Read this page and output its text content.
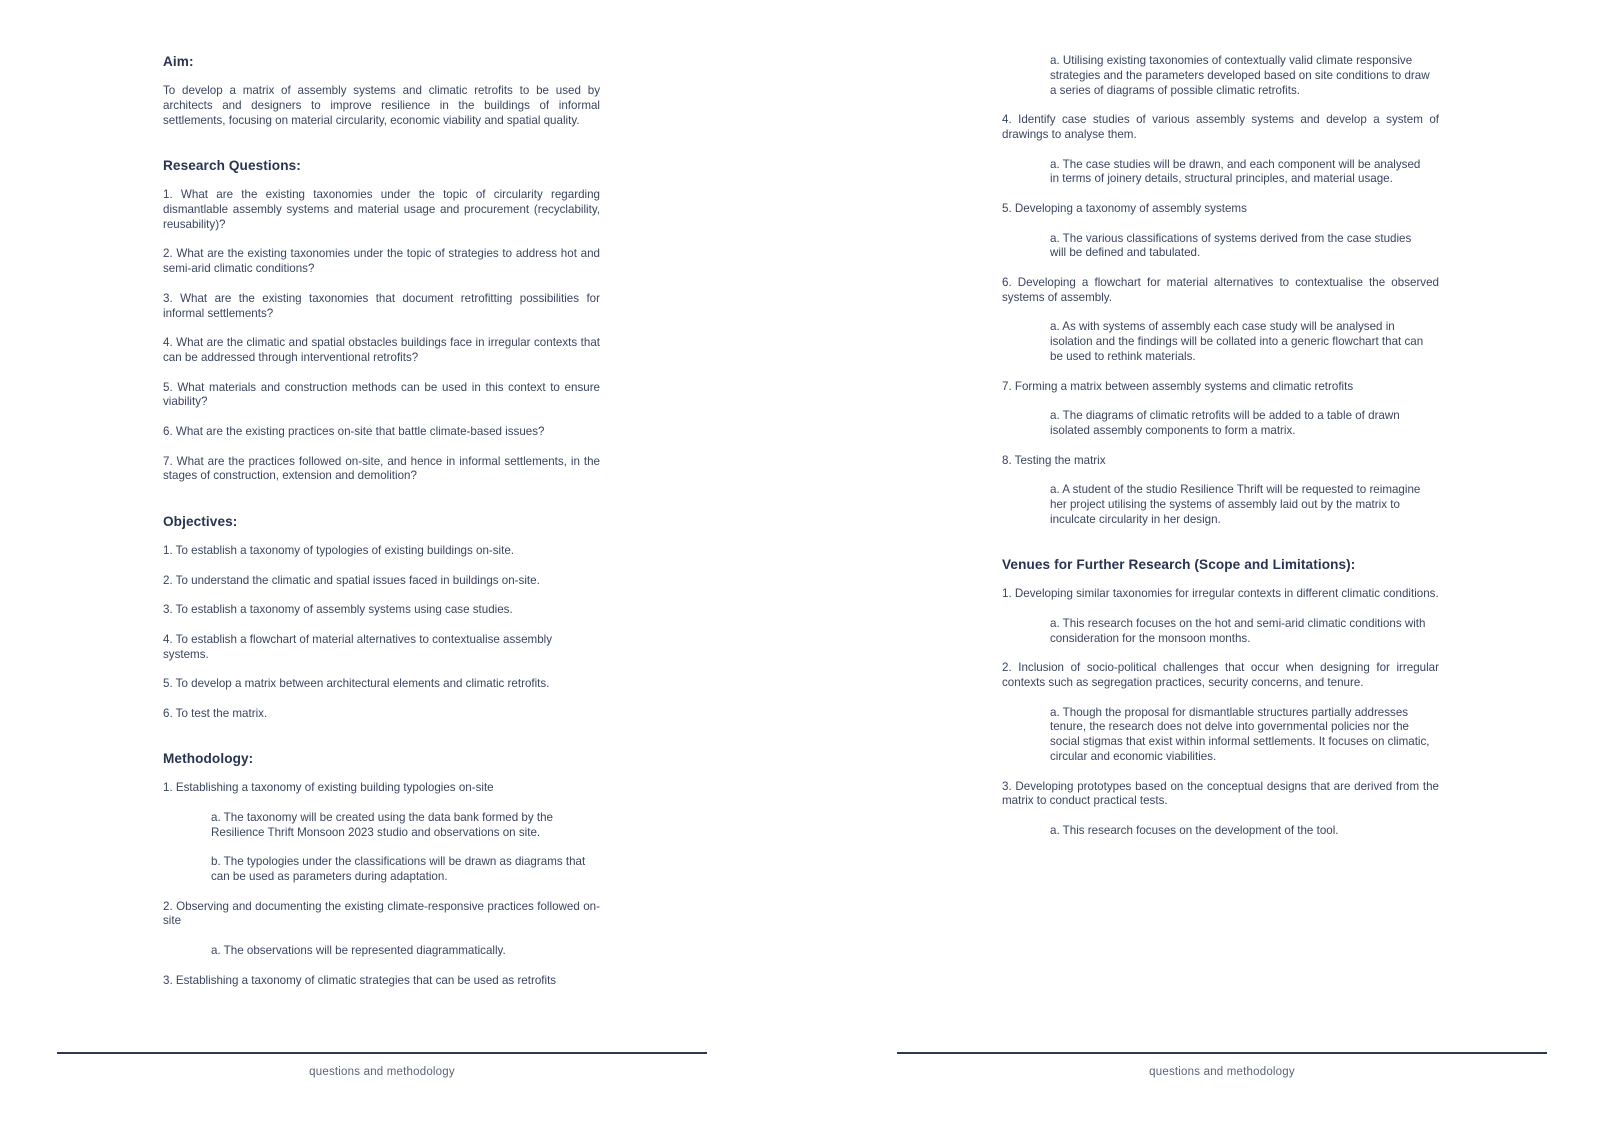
Aim:
To develop a matrix of assembly systems and climatic retrofits to be used by architects and designers to improve resilience in the buildings of informal settlements, focusing on material circularity, economic viability and spatial quality.
Research Questions:
1. What are the existing taxonomies under the topic of circularity regarding dismantlable assembly systems and material usage and procurement (recyclability, reusability)?
2. What are the existing taxonomies under the topic of strategies to address hot and semi-arid climatic conditions?
3. What are the existing taxonomies that document retrofitting possibilities for informal settlements?
4. What are the climatic and spatial obstacles buildings face in irregular contexts that can be addressed through interventional retrofits?
5. What materials and construction methods can be used in this context to ensure viability?
6. What are the existing practices on-site that battle climate-based issues?
7. What are the practices followed on-site, and hence in informal settlements, in the stages of construction, extension and demolition?
Objectives:
1. To establish a taxonomy of typologies of existing buildings on-site.
2. To understand the climatic and spatial issues faced in buildings on-site.
3. To establish a taxonomy of assembly systems using case studies.
4. To establish a flowchart of material alternatives to contextualise assembly systems.
5. To develop a matrix between architectural elements and climatic retrofits.
6. To test the matrix.
Methodology:
1. Establishing a taxonomy of existing building typologies on-site
a. The taxonomy will be created using the data bank formed by the Resilience Thrift Monsoon 2023 studio and observations on site.
b. The typologies under the classifications will be drawn as diagrams that can be used as parameters during adaptation.
2. Observing and documenting the existing climate-responsive practices followed on-site
a. The observations will be represented diagrammatically.
3. Establishing a taxonomy of climatic strategies that can be used as retrofits
questions and methodology
a. Utilising existing taxonomies of contextually valid climate responsive strategies and the parameters developed based on site conditions to draw a series of diagrams of possible climatic retrofits.
4. Identify case studies of various assembly systems and develop a system of drawings to analyse them.
a. The case studies will be drawn, and each component will be analysed in terms of joinery details, structural principles, and material usage.
5. Developing a taxonomy of assembly systems
a. The various classifications of systems derived from the case studies will be defined and tabulated.
6. Developing a flowchart for material alternatives to contextualise the observed systems of assembly.
a. As with systems of assembly each case study will be analysed in isolation and the findings will be collated into a generic flowchart that can be used to rethink materials.
7. Forming a matrix between assembly systems and climatic retrofits
a. The diagrams of climatic retrofits will be added to a table of drawn isolated assembly components to form a matrix.
8. Testing the matrix
a. A student of the studio Resilience Thrift will be requested to reimagine her project utilising the systems of assembly laid out by the matrix to inculcate circularity in her design.
Venues for Further Research (Scope and Limitations):
1. Developing similar taxonomies for irregular contexts in different climatic conditions.
a. This research focuses on the hot and semi-arid climatic conditions with consideration for the monsoon months.
2. Inclusion of socio-political challenges that occur when designing for irregular contexts such as segregation practices, security concerns, and tenure.
a. Though the proposal for dismantlable structures partially addresses tenure, the research does not delve into governmental policies nor the social stigmas that exist within informal settlements. It focuses on climatic, circular and economic viabilities.
3. Developing prototypes based on the conceptual designs that are derived from the matrix to conduct practical tests.
a. This research focuses on the development of the tool.
questions and methodology
